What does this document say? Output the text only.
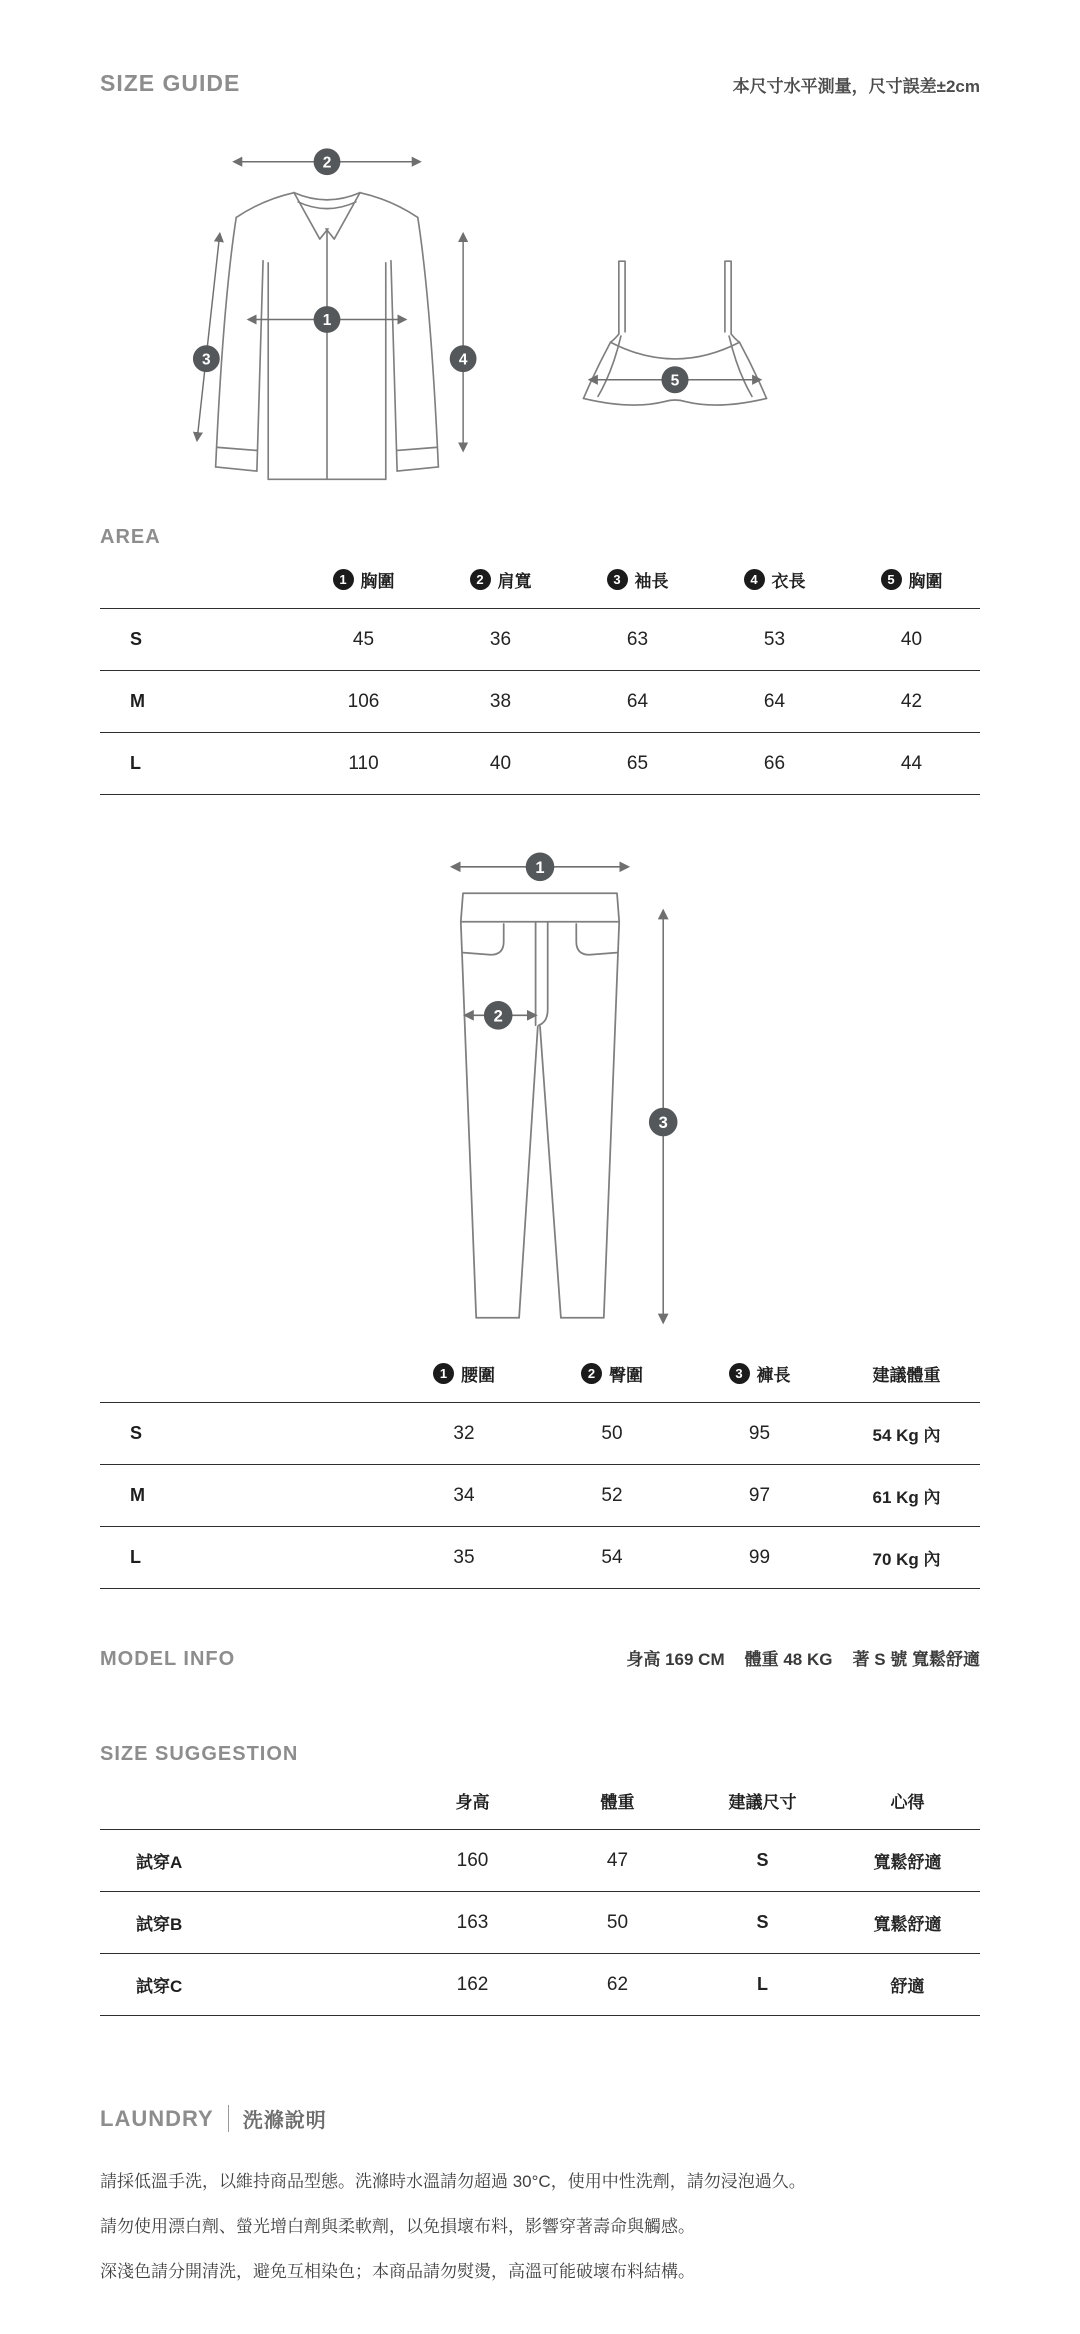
SIZE GUIDE	本尺寸水平測量，尺寸誤差±2cm
2
1
3	4
5
AREA

1 胸圍	2 肩寬	3 袖長	4 衣長	5 胸圍

S	45	36	63	53	40
M	106	38	64	64	42
L	110	40	65	66	44
1
2
3

1 腰圍	2 臀圍	3 褲長	建議體重

S	32	50	95	54 Kg 內
M	34	52	97	61 Kg 內
L	35	54	99	70 Kg 內
MODEL INFO	身高 169 CM 體重 48 KG 著 S 號 寬鬆舒適
SIZE SUGGESTION
	身高	體重	建議尺寸	心得
試穿A	160	47	S	寬鬆舒適
試穿B	163	50	S	寬鬆舒適
試穿C	162	62	L	舒適
LAUNDRY 洗滌說明

請採低溫手洗，以維持商品型態。洗滌時水溫請勿超過 30°C，使用中性洗劑，請勿浸泡過久。

請勿使用漂白劑、螢光增白劑與柔軟劑，以免損壞布料，影響穿著壽命與觸感。

深淺色請分開清洗，避免互相染色；本商品請勿熨燙，高溫可能破壞布料結構。
